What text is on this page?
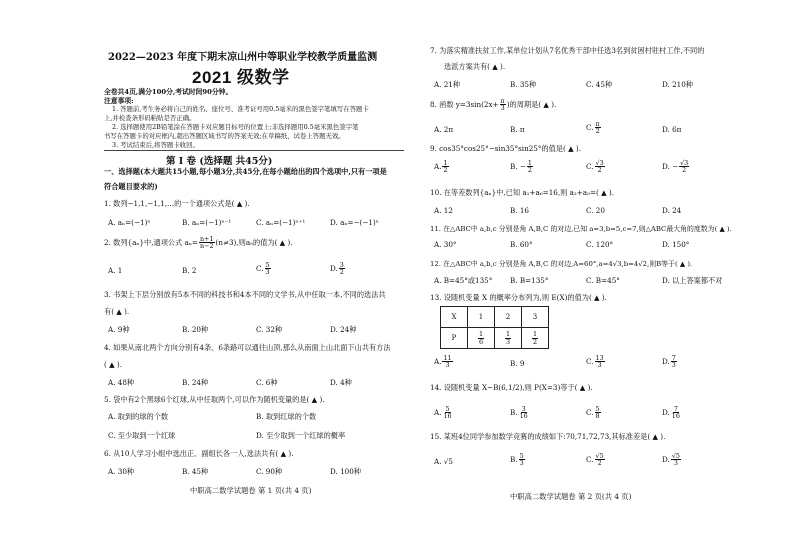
2022—2023 年度下期末凉山州中等职业学校教学质量监测
2021 级数学
全卷共4页,满分100分,考试时间90分钟。
注意事项:
1. 答题前,考生务必将自己的姓名、座位号、准考证号用0.5毫米的黑色签字笔填写在答题卡
上,并检查条形码粘贴是否正确。
2. 选择题使用2B铅笔涂在答题卡对应题目标号的位置上;非选择题用0.5毫米黑色签字笔
书写在答题卡的对应框内,超出答题区域书写的答案无效;在草稿纸、试卷上答题无效。
3. 考试结束后,将答题卡收回。
第 Ⅰ 卷 (选择题 共45分)
一、选择题(本大题共15小题,每小题3分,共45分,在每小题给出的四个选项中,只有一项是
符合题目要求的)
1. 数列−1,1,−1,1,…的一个通项公式是( ▲ ).
A. aₙ=(−1)ⁿ	B. aₙ=(−1)ⁿ⁻¹	C. aₙ=(−1)ⁿ⁺¹	D. aₙ=−(−1)ⁿ
2. 数列{aₙ}中,通项公式 $a_n= \frac{n+1}{n-2} (n\ne 3)$,则a₅的值为( ▲ ).
A. 1	B. 2	C. $\frac{5}{3}$	D. $\frac{3}{2}$
3. 书架上下层分别放有5本不同的科技书和4本不同的文学书,从中任取一本,不同的选法共
有( ▲ ).
A. 9种	B. 20种	C. 32种	D. 24种
4. 如果从南北两个方向分别有4条、6条路可以通往山顶,那么从南面上山北面下山共有方法
( ▲ ).
A. 48种	B. 24种	C. 6种	D. 4种
5. 袋中有2个黑球6个红球,从中任取两个,可以作为随机变量的是( ▲ ).
A. 取到的球的个数	B. 取到红球的个数
C. 至少取到一个红球	D. 至少取到一个红球的概率
6. 从10人学习小组中选出正、副组长各一人,选法共有( ▲ ).
A. 30种	B. 45种	C. 90种	D. 100种
中职高二数学试题卷 第 1 页(共 4 页)
7. 为落实精准扶贫工作,某单位计划从7名优秀干部中任选3名到贫困村驻村工作,不同的
选派方案共有( ▲ ).
A. 21种	B. 35种	C. 45种	D. 210种
8. 函数 $y=3\sin(2x+ \frac{\pi}{3}$ )的周期是( ▲ ).
A. 2π	B. π	C. $\frac{\pi}{2}$	D. 6π
9. cos35°cos25°−sin35°sin25°的值是( ▲ ).
A. $\frac{1}{2}$	B. − $\frac{1}{2}$	C. $\frac{√3}{2}$	D. − $\frac{√3}{2}$
10. 在等差数列{aₙ}中,已知 a₁+a₆=16,则 a₂+a₅=( ▲ ).
A. 12	B. 16	C. 20	D. 24
11. 在△ABC中 a,b,c 分别是角 A,B,C 的对边,已知 a=3,b=5,c=7,则△ABC最大角的度数为( ▲ ).
A. 30°	B. 60°	C. 120°	D. 150°
12. 在△ABC中 a,b,c 分别是角 A,B,C 的对边,A=60°,a=4√3,b=4√2,则B等于( ▲ ).
A. B=45°或135° B. B=135°	C. B=45°	D. 以上答案都不对
13. 设随机变量 X 的概率分布列为,则 E(X)的值为( ▲ ).
X	1	2	3
P	$\frac{1}{6}$	$\frac{1}{3}$	$\frac{1}{2}$
A. $\frac{11}{3}$	B. 9	C. $\frac{13}{3}$	D. $\frac{7}{3}$
14. 设随机变量 X~B(6,1/2),则 P(X=3)等于( ▲ ).
A. $\frac{5}{16}$	B. $\frac{3}{16}$	C. $\frac{5}{8}$	D. $\frac{7}{16}$
15. 某班4位同学参加数学竞赛的成绩如下:70,71,72,73,其标准差是( ▲ ).
A. √5	B. $\frac{5}{3}$	C. $\frac{√5}{2}$	D. $\frac{√5}{3}$
中职高二数学试题卷 第 2 页(共 4 页)
